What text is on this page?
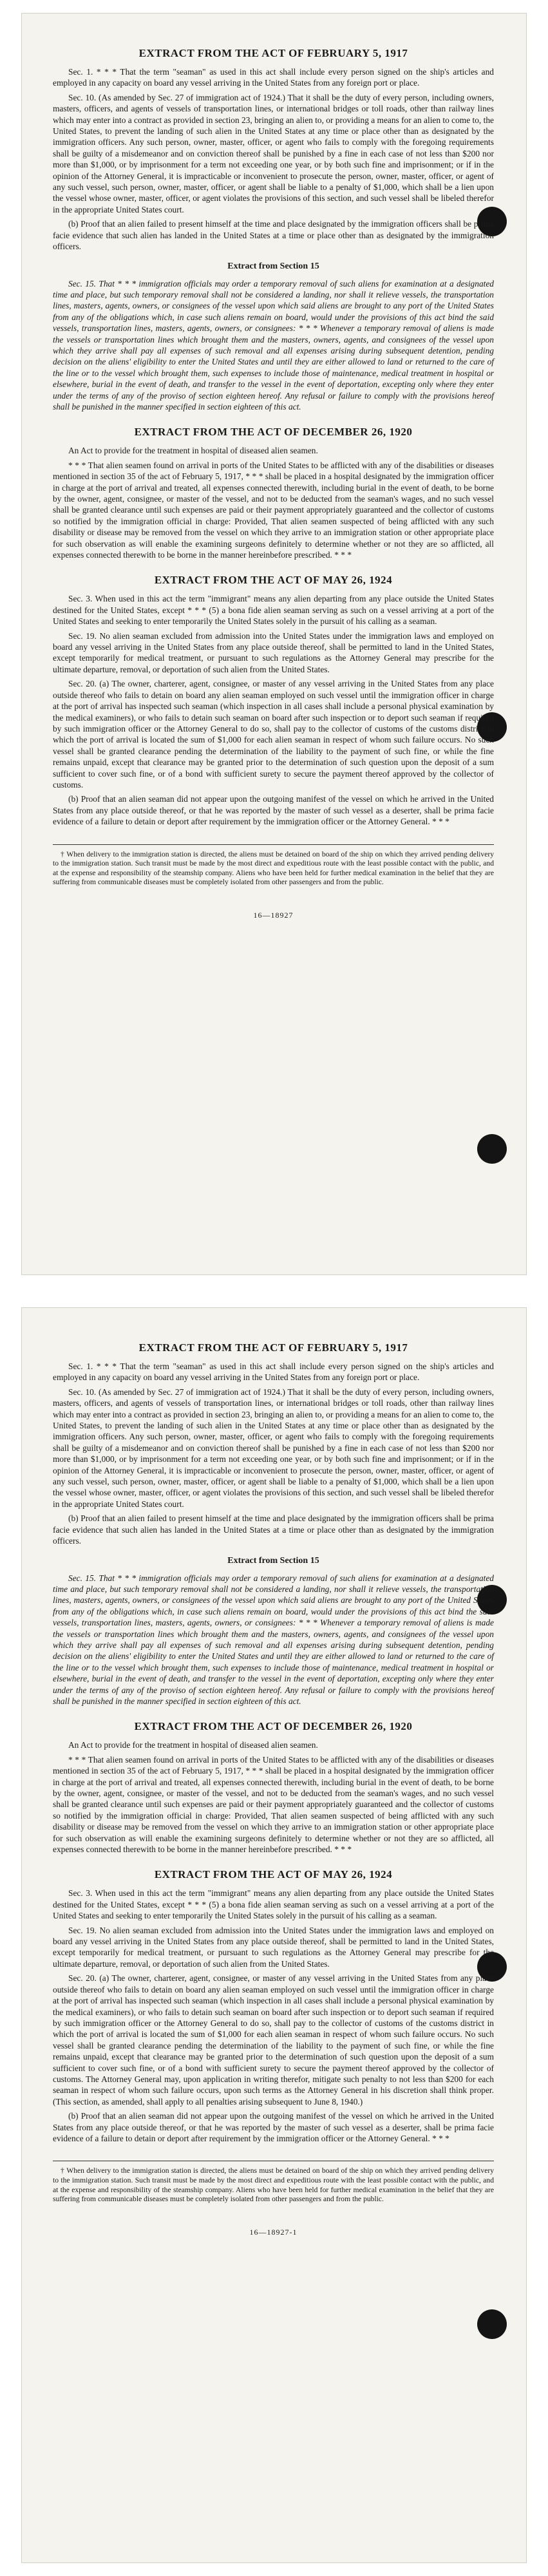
EXTRACT FROM THE ACT OF FEBRUARY 5, 1917

Sec. 1. * * * That the term "seaman" as used in this act shall include every person signed on the ship's articles and employed in any capacity on board any vessel arriving in the United States from any foreign port or place.

Sec. 10. (As amended by Sec. 27 of immigration act of 1924.) That it shall be the duty of every person, including owners, masters, officers, and agents of vessels of transportation lines, or international bridges or toll roads, other than railway lines which may enter into a contract as provided in section 23, bringing an alien to, or providing a means for an alien to come to, the United States, to prevent the landing of such alien in the United States at any time or place other than as designated by the immigration officers. Any such person, owner, master, officer, or agent who fails to comply with the foregoing requirements shall be guilty of a misdemeanor and on conviction thereof shall be punished by a fine in each case of not less than $200 nor more than $1,000, or by imprisonment for a term not exceeding one year, or by both such fine and imprisonment; or if in the opinion of the Attorney General, it is impracticable or inconvenient to prosecute the person, owner, master, officer, or agent of any such vessel, such person, owner, master, officer, or agent shall be liable to a penalty of $1,000, which shall be a lien upon the vessel whose owner, master, officer, or agent violates the provisions of this section, and such vessel shall be libeled therefor in the appropriate United States court.

(b) Proof that an alien failed to present himself at the time and place designated by the immigration officers shall be prima facie evidence that such alien has landed in the United States at a time or place other than as designated by the immigration officers.

Extract from Section 15

Sec. 15. That * * * immigration officials may order a temporary removal of such aliens for examination at a designated time and place, but such temporary removal shall not be considered a landing, nor shall it relieve vessels, the transportation lines, masters, agents, owners, or consignees of the vessel upon which said aliens are brought to any port of the United States from any of the obligations which, in case such aliens remain on board, would under the provisions of this act bind the said vessels, transportation lines, masters, agents, owners, or consignees: * * * Whenever a temporary removal of aliens is made the vessels or transportation lines which brought them and the masters, owners, agents, and consignees of the vessel upon which they arrive shall pay all expenses of such removal and all expenses arising during subsequent detention, pending decision on the aliens' eligibility to enter the United States and until they are either allowed to land or returned to the care of the line or to the vessel which brought them, such expenses to include those of maintenance, medical treatment in hospital or elsewhere, burial in the event of death, and transfer to the vessel in the event of deportation, excepting only where they enter under the terms of any of the proviso of section eighteen hereof. Any refusal or failure to comply with the provisions hereof shall be punished in the manner specified in section eighteen of this act.

EXTRACT FROM THE ACT OF DECEMBER 26, 1920

An Act to provide for the treatment in hospital of diseased alien seamen.

* * * That alien seamen found on arrival in ports of the United States to be afflicted with any of the disabilities or diseases mentioned in section 35 of the act of February 5, 1917, * * * shall be placed in a hospital designated by the immigration officer in charge at the port of arrival and treated, all expenses connected therewith, including burial in the event of death, to be borne by the owner, agent, consignee, or master of the vessel, and not to be deducted from the seaman's wages, and no such vessel shall be granted clearance until such expenses are paid or their payment appropriately guaranteed and the collector of customs so notified by the immigration official in charge: Provided, That alien seamen suspected of being afflicted with any such disability or disease may be removed from the vessel on which they arrive to an immigration station or other appropriate place for such observation as will enable the examining surgeons definitely to determine whether or not they are so afflicted, all expenses connected therewith to be borne in the manner hereinbefore prescribed. * * *

EXTRACT FROM THE ACT OF MAY 26, 1924

Sec. 3. When used in this act the term "immigrant" means any alien departing from any place outside the United States destined for the United States, except * * * (5) a bona fide alien seaman serving as such on a vessel arriving at a port of the United States and seeking to enter temporarily the United States solely in the pursuit of his calling as a seaman.

Sec. 19. No alien seaman excluded from admission into the United States under the immigration laws and employed on board any vessel arriving in the United States from any place outside thereof, shall be permitted to land in the United States, except temporarily for medical treatment, or pursuant to such regulations as the Attorney General may prescribe for the ultimate departure, removal, or deportation of such alien from the United States.

Sec. 20. (a) The owner, charterer, agent, consignee, or master of any vessel arriving in the United States from any place outside thereof who fails to detain on board any alien seaman employed on such vessel until the immigration officer in charge at the port of arrival has inspected such seaman (which inspection in all cases shall include a personal physical examination by the medical examiners), or who fails to detain such seaman on board after such inspection or to deport such seaman if required by such immigration officer or the Attorney General to do so, shall pay to the collector of customs of the customs district in which the port of arrival is located the sum of $1,000 for each alien seaman in respect of whom such failure occurs. No such vessel shall be granted clearance pending the determination of the liability to the payment of such fine, or while the fine remains unpaid, except that clearance may be granted prior to the determination of such question upon the deposit of a sum sufficient to cover such fine, or of a bond with sufficient surety to secure the payment thereof approved by the collector of customs.

(b) Proof that an alien seaman did not appear upon the outgoing manifest of the vessel on which he arrived in the United States from any place outside thereof, or that he was reported by the master of such vessel as a deserter, shall be prima facie evidence of a failure to detain or deport after requirement by the immigration officer or the Attorney General. * * *

† When delivery to the immigration station is directed, the aliens must be detained on board of the ship on which they arrived pending delivery to the immigration station. Such transit must be made by the most direct and expeditious route with the least possible contact with the public, and at the expense and responsibility of the steamship company. Aliens who have been held for further medical examination in the belief that they are suffering from communicable diseases must be completely isolated from other passengers and from the public.

16—18927
EXTRACT FROM THE ACT OF FEBRUARY 5, 1917

Sec. 1. * * * That the term "seaman" as used in this act shall include every person signed on the ship's articles and employed in any capacity on board any vessel arriving in the United States from any foreign port or place.

Sec. 10. (As amended by Sec. 27 of immigration act of 1924.) That it shall be the duty of every person, including owners, masters, officers, and agents of vessels of transportation lines, or international bridges or toll roads, other than railway lines which may enter into a contract as provided in section 23, bringing an alien to, or providing a means for an alien to come to, the United States, to prevent the landing of such alien in the United States at any time or place other than as designated by the immigration officers. Any such person, owner, master, officer, or agent who fails to comply with the foregoing requirements shall be guilty of a misdemeanor and on conviction thereof shall be punished by a fine in each case of not less than $200 nor more than $1,000, or by imprisonment for a term not exceeding one year, or by both such fine and imprisonment; or if in the opinion of the Attorney General, it is impracticable or inconvenient to prosecute the person, owner, master, officer, or agent of any such vessel, such person, owner, master, officer, or agent shall be liable to a penalty of $1,000, which shall be a lien upon the vessel whose owner, master, officer, or agent violates the provisions of this section, and such vessel shall be libeled therefor in the appropriate United States court.

(b) Proof that an alien failed to present himself at the time and place designated by the immigration officers shall be prima facie evidence that such alien has landed in the United States at a time or place other than as designated by the immigration officers.

Extract from Section 15

Sec. 15. That * * * immigration officials may order a temporary removal of such aliens for examination at a designated time and place, but such temporary removal shall not be considered a landing, nor shall it relieve vessels, the transportation lines, masters, agents, owners, or consignees of the vessel upon which said aliens are brought to any port of the United States from any of the obligations which, in case such aliens remain on board, would under the provisions of this act bind the said vessels, transportation lines, masters, agents, owners, or consignees: * * * Whenever a temporary removal of aliens is made the vessels or transportation lines which brought them and the masters, owners, agents, and consignees of the vessel upon which they arrive shall pay all expenses of such removal and all expenses arising during subsequent detention, pending decision on the aliens' eligibility to enter the United States and until they are either allowed to land or returned to the care of the line or to the vessel which brought them, such expenses to include those of maintenance, medical treatment in hospital or elsewhere, burial in the event of death, and transfer to the vessel in the event of deportation, excepting only where they enter under the terms of any of the proviso of section eighteen hereof. Any refusal or failure to comply with the provisions hereof shall be punished in the manner specified in section eighteen of this act.

EXTRACT FROM THE ACT OF DECEMBER 26, 1920

An Act to provide for the treatment in hospital of diseased alien seamen.

* * * That alien seamen found on arrival in ports of the United States to be afflicted with any of the disabilities or diseases mentioned in section 35 of the act of February 5, 1917, * * * shall be placed in a hospital designated by the immigration officer in charge at the port of arrival and treated, all expenses connected therewith, including burial in the event of death, to be borne by the owner, agent, consignee, or master of the vessel, and not to be deducted from the seaman's wages, and no such vessel shall be granted clearance until such expenses are paid or their payment appropriately guaranteed and the collector of customs so notified by the immigration official in charge: Provided, That alien seamen suspected of being afflicted with any such disability or disease may be removed from the vessel on which they arrive to an immigration station or other appropriate place for such observation as will enable the examining surgeons definitely to determine whether or not they are so afflicted, all expenses connected therewith to be borne in the manner hereinbefore prescribed. * * *

EXTRACT FROM THE ACT OF MAY 26, 1924

Sec. 3. When used in this act the term "immigrant" means any alien departing from any place outside the United States destined for the United States, except * * * (5) a bona fide alien seaman serving as such on a vessel arriving at a port of the United States and seeking to enter temporarily the United States solely in the pursuit of his calling as a seaman.

Sec. 19. No alien seaman excluded from admission into the United States under the immigration laws and employed on board any vessel arriving in the United States from any place outside thereof, shall be permitted to land in the United States, except temporarily for medical treatment, or pursuant to such regulations as the Attorney General may prescribe for the ultimate departure, removal, or deportation of such alien from the United States.

Sec. 20. (a) The owner, charterer, agent, consignee, or master of any vessel arriving in the United States from any place outside thereof who fails to detain on board any alien seaman employed on such vessel until the immigration officer in charge at the port of arrival has inspected such seaman (which inspection in all cases shall include a personal physical examination by the medical examiners), or who fails to detain such seaman on board after such inspection or to deport such seaman if required by such immigration officer or the Attorney General to do so, shall pay to the collector of customs of the customs district in which the port of arrival is located the sum of $1,000 for each alien seaman in respect of whom such failure occurs. No such vessel shall be granted clearance pending the determination of the liability to the payment of such fine, or while the fine remains unpaid, except that clearance may be granted prior to the determination of such question upon the deposit of a sum sufficient to cover such fine, or of a bond with sufficient surety to secure the payment thereof approved by the collector of customs. The Attorney General may, upon application in writing therefor, mitigate such penalty to not less than $200 for each seaman in respect of whom such failure occurs, upon such terms as the Attorney General in his discretion shall think proper. (This section, as amended, shall apply to all penalties arising subsequent to June 8, 1940.)

(b) Proof that an alien seaman did not appear upon the outgoing manifest of the vessel on which he arrived in the United States from any place outside thereof, or that he was reported by the master of such vessel as a deserter, shall be prima facie evidence of a failure to detain or deport after requirement by the immigration officer or the Attorney General. * * *

† When delivery to the immigration station is directed, the aliens must be detained on board of the ship on which they arrived pending delivery to the immigration station. Such transit must be made by the most direct and expeditious route with the least possible contact with the public, and at the expense and responsibility of the steamship company. Aliens who have been held for further medical examination in the belief that they are suffering from communicable diseases must be completely isolated from other passengers and from the public.

16—18927-1
